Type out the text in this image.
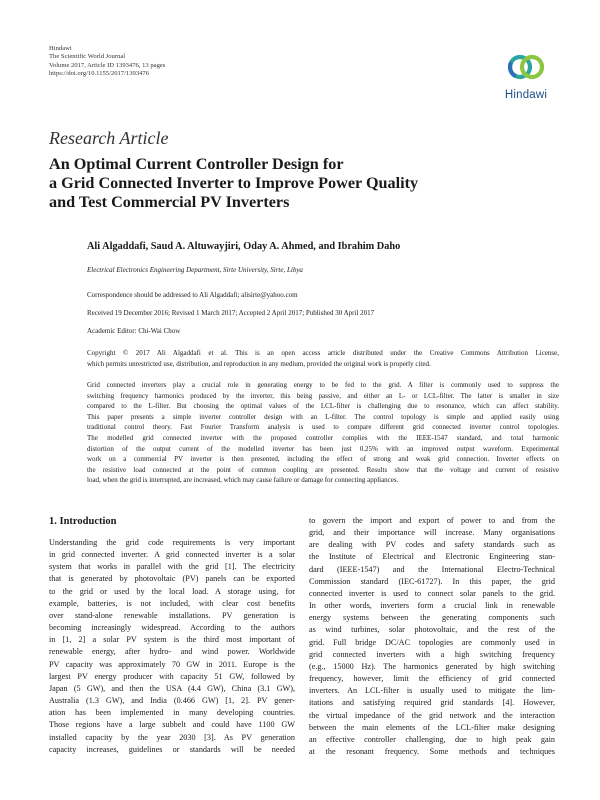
Hindawi
The Scientific World Journal
Volume 2017, Article ID 1393476, 13 pages
https://doi.org/10.1155/2017/1393476
Hindawi
Research Article
An Optimal Current Controller Design for
a Grid Connected Inverter to Improve Power Quality
and Test Commercial PV Inverters
Ali Algaddafi, Saud A. Altuwayjiri, Oday A. Ahmed, and Ibrahim Daho
Electrical Electronics Engineering Department, Sirte University, Sirte, Libya
Correspondence should be addressed to Ali Algaddafi; alisirte@yahoo.com
Received 19 December 2016; Revised 1 March 2017; Accepted 2 April 2017; Published 30 April 2017
Academic Editor: Chi-Wai Chow
Copyright © 2017 Ali Algaddafi et al. This is an open access article distributed under the Creative Commons Attribution License,
which permits unrestricted use, distribution, and reproduction in any medium, provided the original work is properly cited.
Grid connected inverters play a crucial role in generating energy to be fed to the grid. A filter is commonly used to suppress the
switching frequency harmonics produced by the inverter, this being passive, and either an L- or LCL-filter. The latter is smaller in size
compared to the L-filter. But choosing the optimal values of the LCL-filter is challenging due to resonance, which can affect stability.
This paper presents a simple inverter controller design with an L-filter. The control topology is simple and applied easily using
traditional control theory. Fast Fourier Transform analysis is used to compare different grid connected inverter control topologies.
The modelled grid connected inverter with the proposed controller complies with the IEEE-1547 standard, and total harmonic
distortion of the output current of the modelled inverter has been just 0.25% with an improved output waveform. Experimental
work on a commercial PV inverter is then presented, including the effect of strong and weak grid connection. Inverter effects on
the resistive load connected at the point of common coupling are presented. Results show that the voltage and current of resistive
load, when the grid is interrupted, are increased, which may cause failure or damage for connecting appliances.
1. Introduction
Understanding the grid code requirements is very important
in grid connected inverter. A grid connected inverter is a solar
system that works in parallel with the grid [1]. The electricity
that is generated by photovoltaic (PV) panels can be exported
to the grid or used by the local load. A storage using, for
example, batteries, is not included, with clear cost benefits
over stand-alone renewable installations. PV generation is
becoming increasingly widespread. According to the authors
in [1, 2] a solar PV system is the third most important of
renewable energy, after hydro- and wind power. Worldwide
PV capacity was approximately 70 GW in 2011. Europe is the
largest PV energy producer with capacity 51 GW, followed by
Japan (5 GW), and then the USA (4.4 GW), China (3.1 GW),
Australia (1.3 GW), and India (0.466 GW) [1, 2]. PV gener-
ation has been implemented in many developing countries.
Those regions have a large subbelt and could have 1100 GW
installed capacity by the year 2030 [3]. As PV generation
capacity increases, guidelines or standards will be needed
to govern the import and export of power to and from the
grid, and their importance will increase. Many organisations
are dealing with PV codes and safety standards such as
the Institute of Electrical and Electronic Engineering stan-
dard (IEEE-1547) and the International Electro-Technical
Commission standard (IEC-61727). In this paper, the grid
connected inverter is used to connect solar panels to the grid.
In other words, inverters form a crucial link in renewable
energy systems between the generating components such
as wind turbines, solar photovoltaic, and the rest of the
grid. Full bridge DC/AC topologies are commonly used in
grid connected inverters with a high switching frequency
(e.g., 15000 Hz). The harmonics generated by high switching
frequency, however, limit the efficiency of grid connected
inverters. An LCL-filter is usually used to mitigate the lim-
itations and satisfying required grid standards [4]. However,
the virtual impedance of the grid network and the interaction
between the main elements of the LCL-filter make designing
an effective controller challenging, due to high peak gain
at the resonant frequency. Some methods and techniques
